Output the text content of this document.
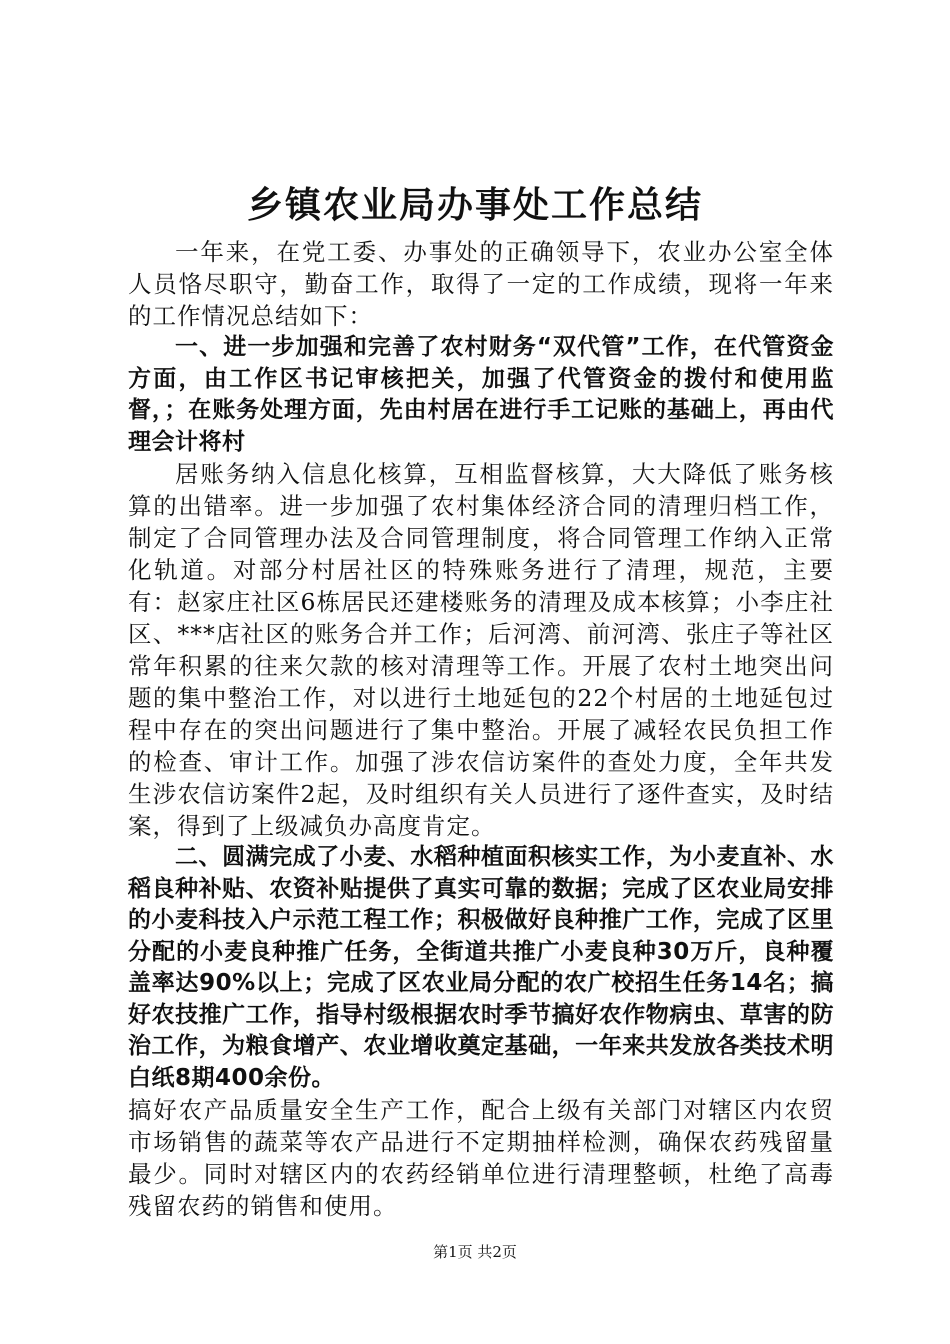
乡镇农业局办事处工作总结

一年来，在党工委、办事处的正确领导下，农业办公室全体人员恪尽职守，勤奋工作，取得了一定的工作成绩，现将一年来的工作情况总结如下：

一、进一步加强和完善了农村财务“双代管”工作，在代管资金方面，由工作区书记审核把关，加强了代管资金的拨付和使用监督，；在账务处理方面，先由村居在进行手工记账的基础上，再由代理会计将村

居账务纳入信息化核算，互相监督核算，大大降低了账务核算的出错率。进一步加强了农村集体经济合同的清理归档工作，制定了合同管理办法及合同管理制度，将合同管理工作纳入正常化轨道。对部分村居社区的特殊账务进行了清理，规范，主要有：赵家庄社区6栋居民还建楼账务的清理及成本核算；小李庄社区、***店社区的账务合并工作；后河湾、前河湾、张庄子等社区常年积累的往来欠款的核对清理等工作。开展了农村土地突出问题的集中整治工作，对以进行土地延包的22个村居的土地延包过程中存在的突出问题进行了集中整治。开展了减轻农民负担工作的检查、审计工作。加强了涉农信访案件的查处力度，全年共发生涉农信访案件2起，及时组织有关人员进行了逐件查实，及时结案，得到了上级减负办高度肯定。

二、圆满完成了小麦、水稻种植面积核实工作，为小麦直补、水稻良种补贴、农资补贴提供了真实可靠的数据；完成了区农业局安排的小麦科技入户示范工程工作；积极做好良种推广工作，完成了区里分配的小麦良种推广任务，全街道共推广小麦良种30万斤，良种覆盖率达90%以上；完成了区农业局分配的农广校招生任务14名；搞好农技推广工作，指导村级根据农时季节搞好农作物病虫、草害的防治工作，为粮食增产、农业增收奠定基础，一年来共发放各类技术明白纸8期400余份。

搞好农产品质量安全生产工作，配合上级有关部门对辖区内农贸市场销售的蔬菜等农产品进行不定期抽样检测，确保农药残留量最少。同时对辖区内的农药经销单位进行清理整顿，杜绝了高毒残留农药的销售和使用。

第1页 共2页
